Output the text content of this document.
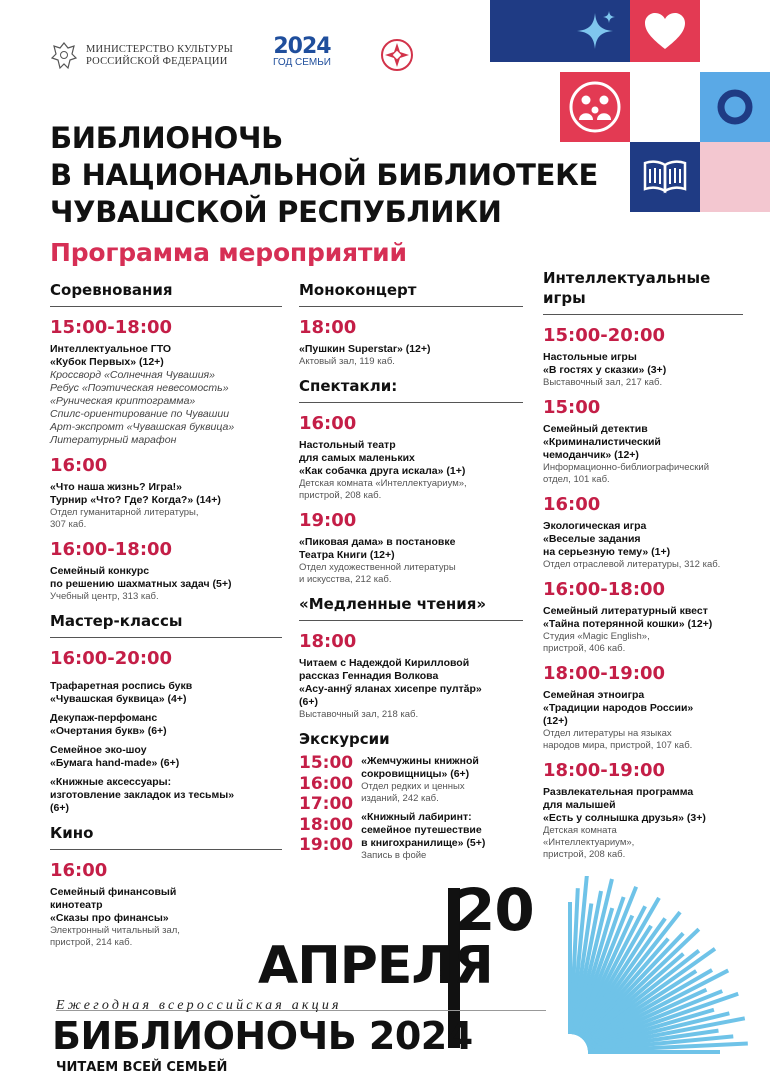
МИНИСТЕРСТВО КУЛЬТУРЫ
РОССИЙСКОЙ ФЕДЕРАЦИИ
2024
ГОД СЕМЬИ
БИБЛИОНОЧЬ
В НАЦИОНАЛЬНОЙ БИБЛИОТЕКЕ
ЧУВАШСКОЙ РЕСПУБЛИКИ
Программа мероприятий
Соревнования
15:00-18:00
Интеллектуальное ГТО
«Кубок Первых» (12+)
Кроссворд «Солнечная Чувашия»
Ребус «Поэтическая невесомость»
«Руническая криптограмма»
Спилс-ориентирование по Чувашии
Арт-экспромт «Чувашская буквица»
Литературный марафон
16:00
«Что наша жизнь? Игра!»
Турнир «Что? Где? Когда?» (14+)
Отдел гуманитарной литературы,
307 каб.
16:00-18:00
Семейный конкурс
по решению шахматных задач (5+)
Учебный центр, 313 каб.
Мастер-классы
16:00-20:00
Трафаретная роспись букв
«Чувашская буквица» (4+)
Декупаж-перфоманс
«Очертания букв» (6+)
Семейное эко-шоу
«Бумага hand-made» (6+)
«Книжные аксессуары:
изготовление закладок из тесьмы»
(6+)
Кино
16:00
Семейный финансовый
кинотеатр
«Сказы про финансы»
Электронный читальный зал,
пристрой, 214 каб.
Моноконцерт
18:00
«Пушкин Superstar» (12+)
Актовый зал, 119 каб.
Спектакли:
16:00
Настольный театр
для самых маленьких
«Как собачка друга искала» (1+)
Детская комната «Интеллектуариум»,
пристрой, 208 каб.
19:00
«Пиковая дама» в постановке
Театра Книги (12+)
Отдел художественной литературы
и искусства, 212 каб.
«Медленные чтения»
18:00
Читаем с Надеждой Кирилловой
рассказ Геннадия Волкова
«Асу-аннӳ яланах хисепре пултӑр»
(6+)
Выставочный зал, 218 каб.
Экскурсии
15:00
16:00
17:00
18:00
19:00
«Жемчужины книжной
сокровищницы» (6+)
Отдел редких и ценных
изданий, 242 каб.
«Книжный лабиринт:
семейное путешествие
в книгохранилище» (5+)
Запись в фойе
Интеллектуальные игры
15:00-20:00
Настольные игры
«В гостях у сказки» (3+)
Выставочный зал, 217 каб.
15:00
Семейный детектив
«Криминалистический
чемоданчик» (12+)
Информационно-библиографический
отдел, 101 каб.
16:00
Экологическая игра
«Веселые задания
на серьезную тему» (1+)
Отдел отраслевой литературы, 312 каб.
16:00-18:00
Семейный литературный квест
«Тайна потерянной кошки» (12+)
Студия «Magic English»,
пристрой, 406 каб.
18:00-19:00
Семейная этноигра
«Традиции народов России»
(12+)
Отдел литературы на языках
народов мира, пристрой, 107 каб.
18:00-19:00
Развлекательная программа
для малышей
«Есть у солнышка друзья» (3+)
Детская комната
«Интеллектуариум»,
пристрой, 208 каб.
20
АПРЕЛЯ
Ежегодная всероссийская акция
БИБЛИОНОЧЬ 2024
ЧИТАЕМ ВСЕЙ СЕМЬЕЙ
